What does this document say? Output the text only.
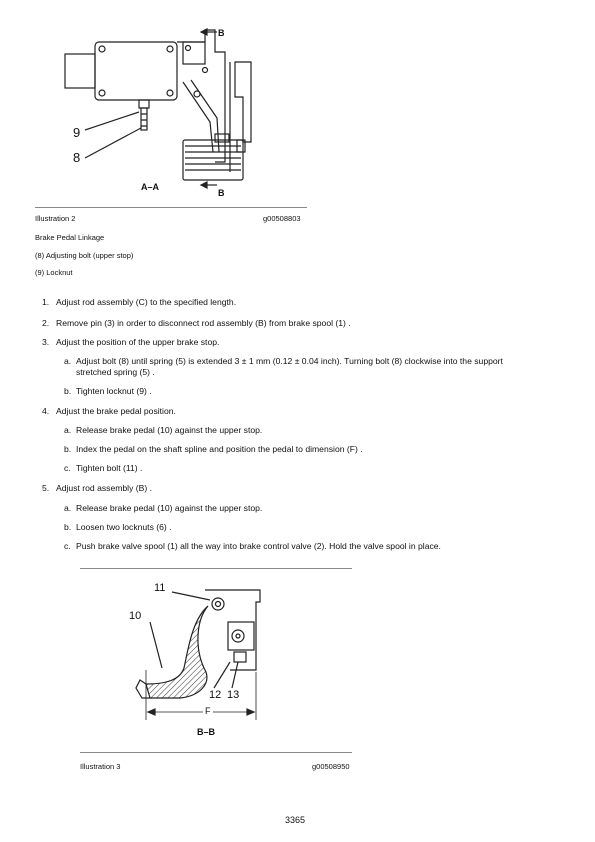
9
8
B
B
A–A
Illustration 2	g00508803
Brake Pedal Linkage
(8) Adjusting bolt (upper stop)
(9) Locknut
1. Adjust rod assembly (C) to the specified length.
2. Remove pin (3) in order to disconnect rod assembly (B) from brake spool (1) .
3. Adjust the position of the upper brake stop.
a. Adjust bolt (8) until spring (5) is extended 3 ± 1 mm (0.12 ± 0.04 inch). Turning bolt (8) clockwise into the support
stretched spring (5) .
b. Tighten locknut (9) .
4. Adjust the brake pedal position.
a. Release brake pedal (10) against the upper stop.
b. Index the pedal on the shaft spline and position the pedal to dimension (F) .
c. Tighten bolt (11) .
5. Adjust rod assembly (B) .
a. Release brake pedal (10) against the upper stop.
b. Loosen two locknuts (6) .
c. Push brake valve spool (1) all the way into brake control valve (2). Hold the valve spool in place.
11
10
12 13
F
B–B
Illustration 3	g00508950
3365
